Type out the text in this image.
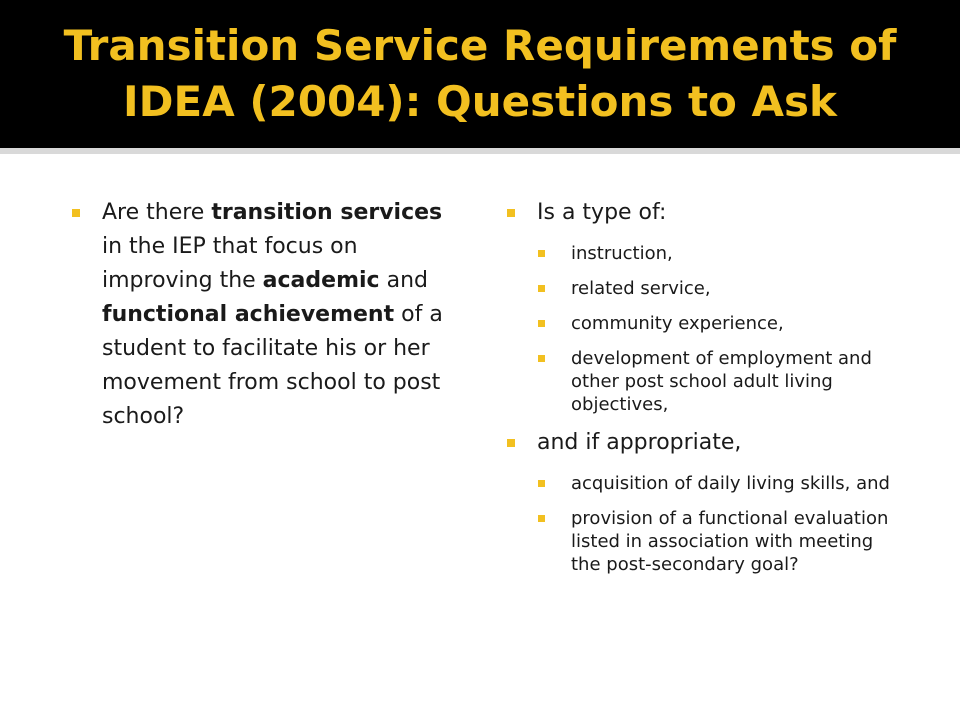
Transition Service Requirements of
IDEA (2004): Questions to Ask
Are there transition services in the IEP that focus on improving the academic and functional achievement of a student to facilitate his or her movement from school to post school?
Is a type of:
instruction,
related service,
community experience,
development of employment and other post school adult living objectives,
and if appropriate,
acquisition of daily living skills, and
provision of a functional evaluation listed in association with meeting the post-secondary goal?
